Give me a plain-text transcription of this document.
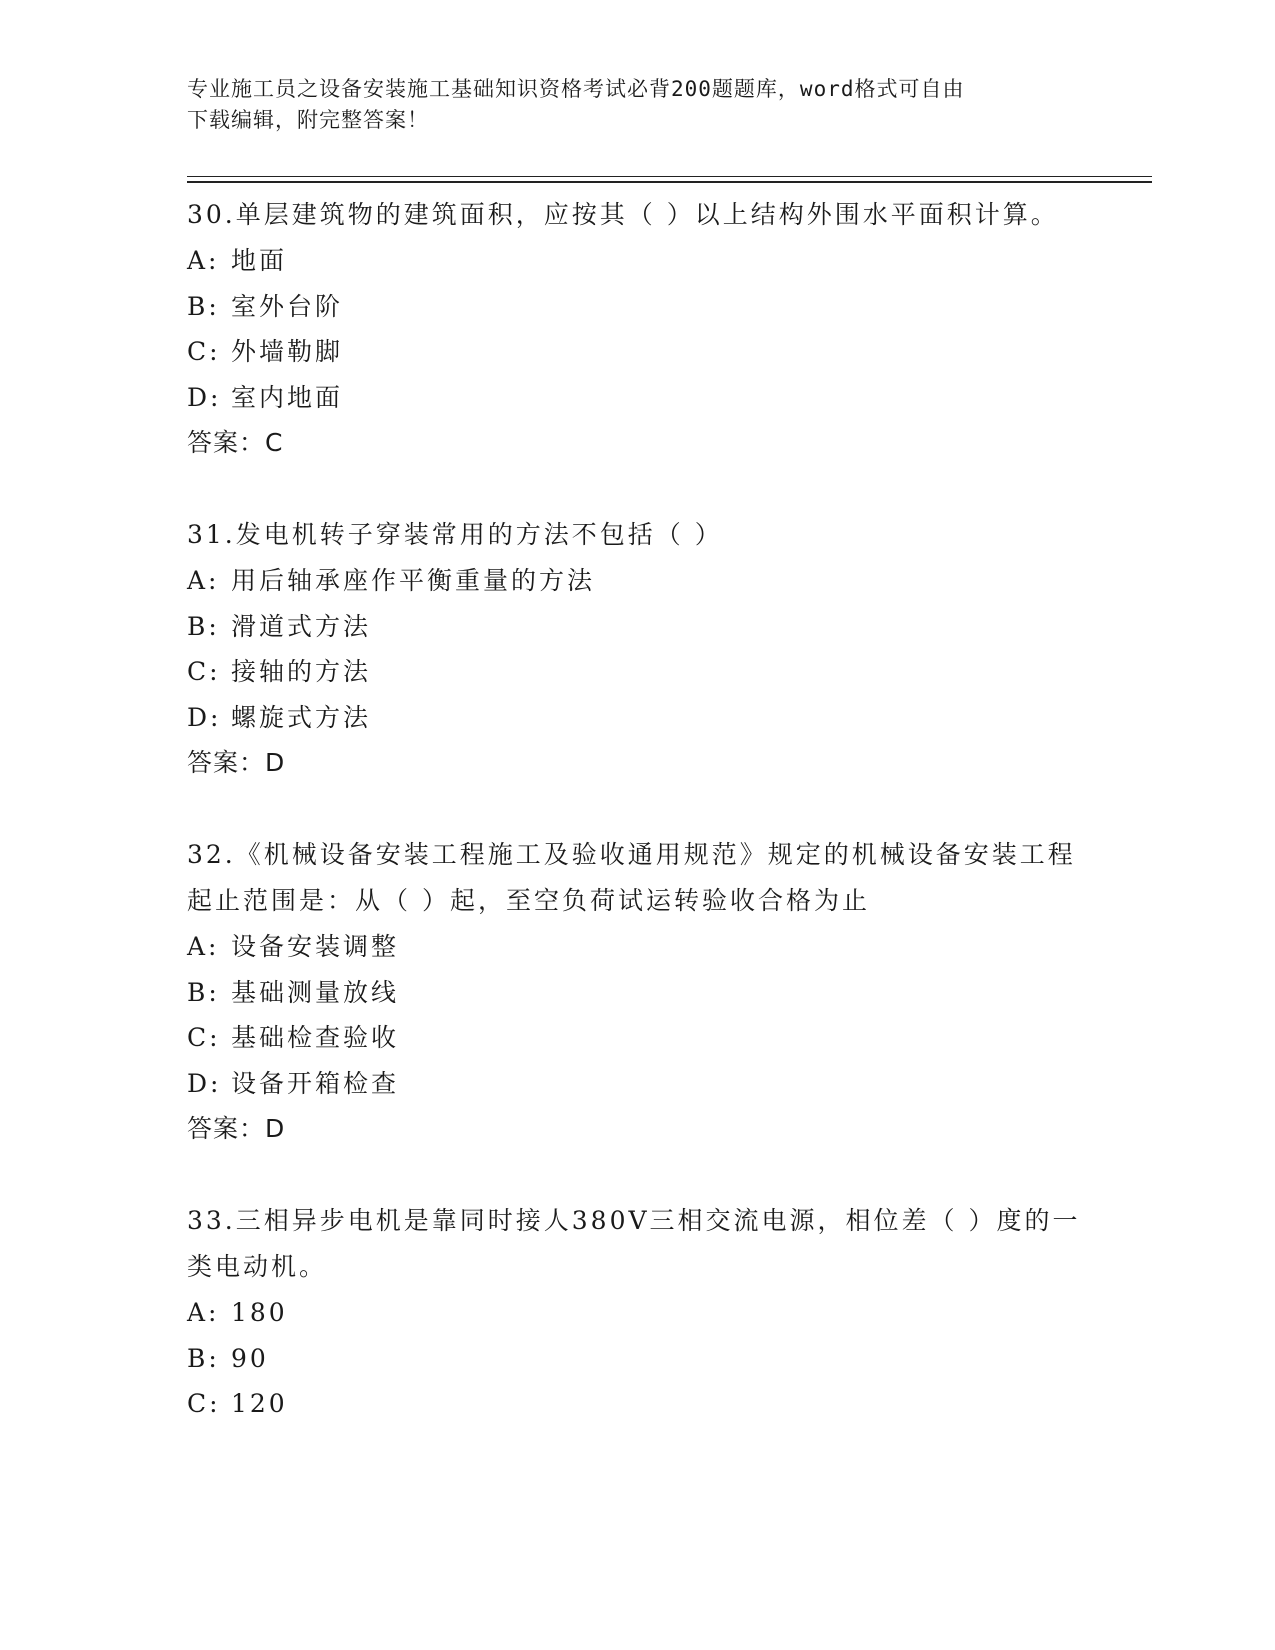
专业施工员之设备安装施工基础知识资格考试必背200题题库，word格式可自由
下载编辑，附完整答案！

30.单层建筑物的建筑面积，应按其（ ）以上结构外围水平面积计算。

A: 地面

B: 室外台阶

C: 外墙勒脚

D: 室内地面

答案：C

31.发电机转子穿装常用的方法不包括（ ）

A: 用后轴承座作平衡重量的方法

B: 滑道式方法

C: 接轴的方法

D: 螺旋式方法

答案：D

32.《机械设备安装工程施工及验收通用规范》规定的机械设备安装工程起止范围是：从（ ）起，至空负荷试运转验收合格为止

A: 设备安装调整

B: 基础测量放线

C: 基础检查验收

D: 设备开箱检查

答案：D

33.三相异步电机是靠同时接人380V三相交流电源，相位差（ ）度的一类电动机。

A: 180

B: 90

C: 120
